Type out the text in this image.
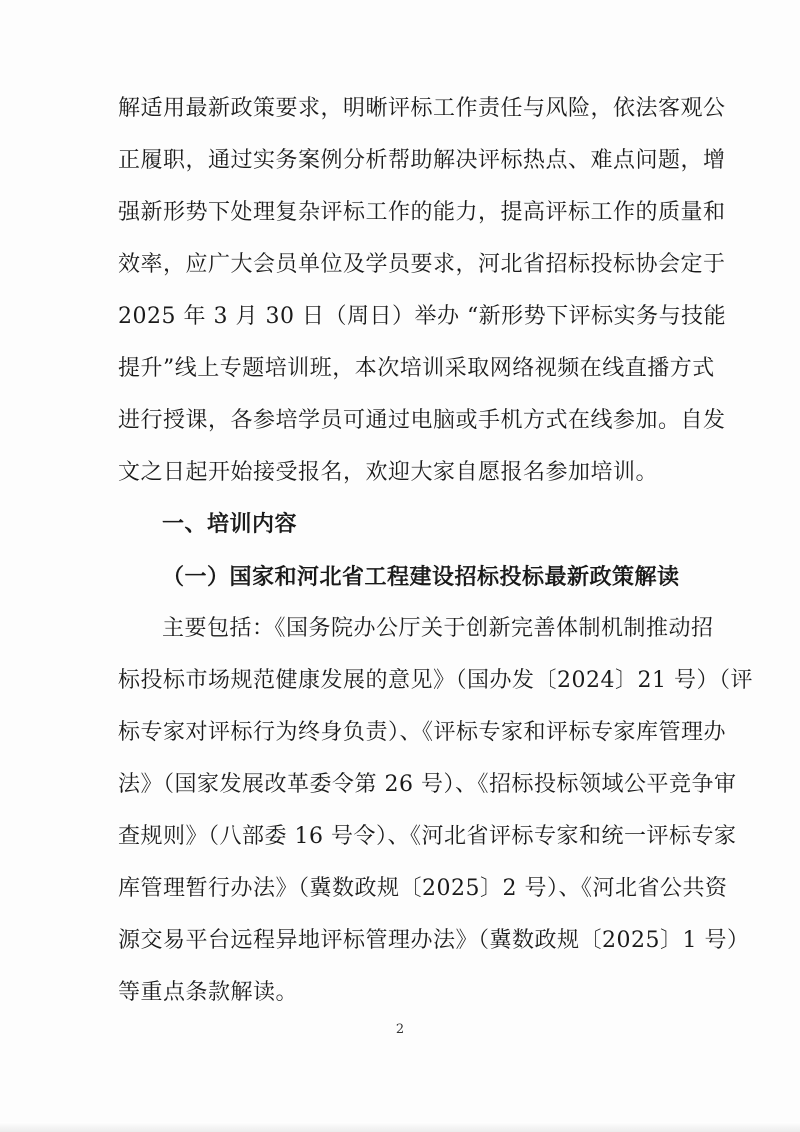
解适用最新政策要求，明晰评标工作责任与风险，依法客观公
正履职，通过实务案例分析帮助解决评标热点、难点问题，增
强新形势下处理复杂评标工作的能力，提高评标工作的质量和
效率，应广大会员单位及学员要求，河北省招标投标协会定于
2025 年 3 月 30 日（周日）举办 “新形势下评标实务与技能
提升”线上专题培训班，本次培训采取网络视频在线直播方式
进行授课，各参培学员可通过电脑或手机方式在线参加。自发
文之日起开始接受报名，欢迎大家自愿报名参加培训。
一、培训内容
（一）国家和河北省工程建设招标投标最新政策解读
主要包括：《国务院办公厅关于创新完善体制机制推动招
标投标市场规范健康发展的意见》（国办发〔2024〕21 号）（评
标专家对评标行为终身负责）、《评标专家和评标专家库管理办
法》（国家发展改革委令第 26 号）、《招标投标领域公平竞争审
查规则》（八部委 16 号令）、《河北省评标专家和统一评标专家
库管理暂行办法》（冀数政规〔2025〕2 号）、《河北省公共资
源交易平台远程异地评标管理办法》（冀数政规〔2025〕1 号）
等重点条款解读。
2
